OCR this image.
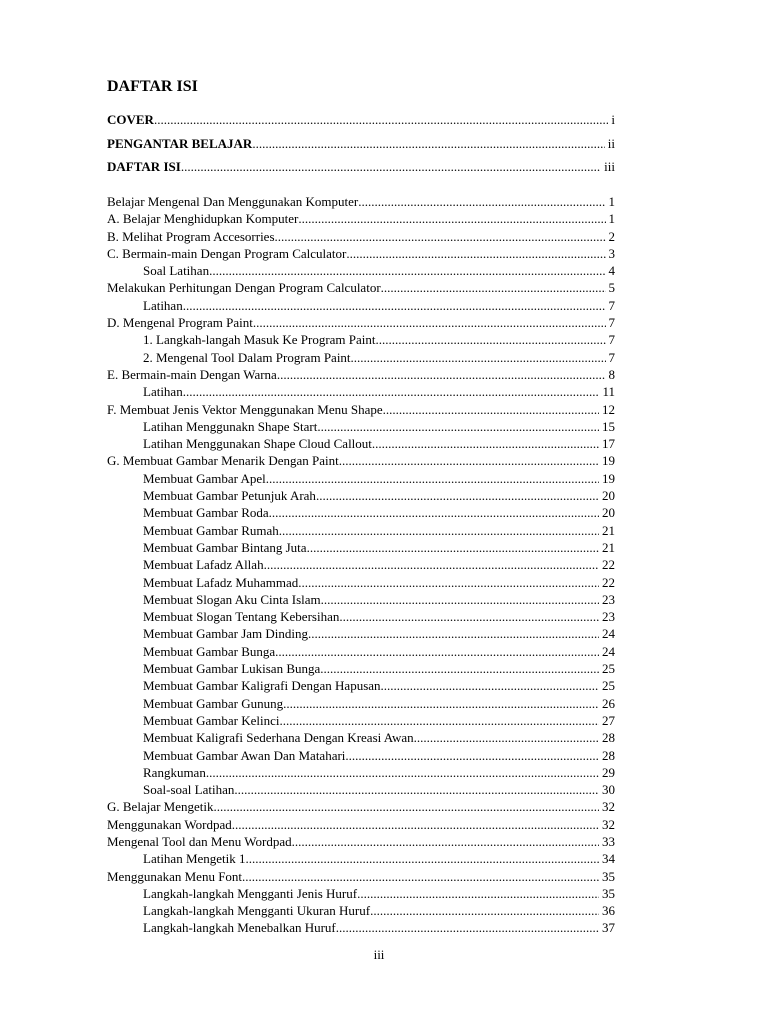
DAFTAR ISI
COVER .....	i
PENGANTAR BELAJAR .....	ii
DAFTAR ISI .....	iii
Belajar Mengenal Dan Menggunakan Komputer .....	1
A. Belajar Menghidupkan Komputer .....	1
B. Melihat Program Accesorries .....	2
C. Bermain-main Dengan Program Calculator .....	3
Soal Latihan .....	4
Melakukan Perhitungan Dengan Program Calculator .....	5
Latihan .....	7
D. Mengenal Program Paint .....	7
1. Langkah-langah Masuk Ke Program Paint .....	7
2. Mengenal Tool Dalam Program Paint .....	7
E. Bermain-main Dengan Warna .....	8
Latihan .....	11
F. Membuat Jenis Vektor Menggunakan Menu Shape .....	12
Latihan Menggunakn Shape Start .....	15
Latihan Menggunakan Shape Cloud Callout .....	17
G. Membuat Gambar Menarik Dengan Paint .....	19
Membuat Gambar Apel .....	19
Membuat Gambar Petunjuk Arah .....	20
Membuat Gambar Roda .....	20
Membuat Gambar Rumah .....	21
Membuat Gambar Bintang Juta .....	21
Membuat Lafadz Allah .....	22
Membuat Lafadz Muhammad .....	22
Membuat Slogan Aku Cinta Islam .....	23
Membuat Slogan Tentang Kebersihan .....	23
Membuat Gambar Jam Dinding .....	24
Membuat Gambar Bunga .....	24
Membuat Gambar Lukisan Bunga .....	25
Membuat Gambar Kaligrafi Dengan Hapusan .....	25
Membuat Gambar Gunung .....	26
Membuat Gambar Kelinci .....	27
Membuat Kaligrafi Sederhana Dengan Kreasi Awan .....	28
Membuat Gambar Awan Dan Matahari .....	28
Rangkuman .....	29
Soal-soal Latihan .....	30
G. Belajar Mengetik .....	32
Menggunakan Wordpad .....	32
Mengenal Tool dan Menu Wordpad .....	33
Latihan Mengetik 1 .....	34
Menggunakan Menu Font .....	35
Langkah-langkah Mengganti Jenis Huruf .....	35
Langkah-langkah Mengganti Ukuran Huruf .....	36
Langkah-langkah Menebalkan Huruf .....	37
iii
